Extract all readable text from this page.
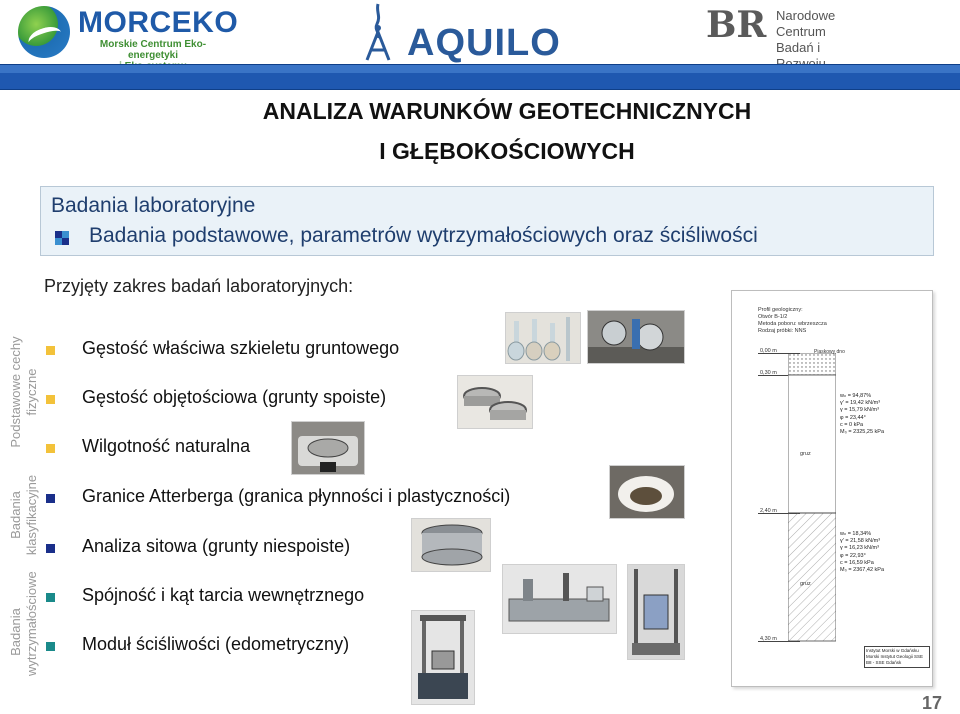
MORCEKO
Morskie Centrum Eko-energetyki	AQUILO	BR Narodowe Centrum
Badań i
ANALIZA WARUNKÓW GEOTECHNICZNYCH
I GŁĘBOKOŚCIOWYCH
Badania laboratoryjne
Badania podstawowe, parametrów wytrzymałościowych oraz ściśliwości
Przyjęty zakres badań laboratoryjnych:
Podstawowe cechy fizyczne
Badania klasyfikacyjne
Badania wytrzymałościowe
Gęstość właściwa szkieletu gruntowego
Gęstość objętościowa (grunty spoiste)
Wilgotność naturalna
Granice Atterberga (granica płynności i plastyczności)
Analiza sitowa (grunty niespoiste)
Spójność i kąt tarcia wewnętrznego
Moduł ściśliwości (edometryczny)
Profil geologiczny:
Otwór B-1/2
Metoda poboru: wbrzeszcza
Rodzaj próbki: NNS
0,00 m
0,30 m
2,40 m
4,30 m
Piaskowy dno
gruz
gruz
wₙ = 94,87%
γ' = 19,42 kN/m³
γ = 15,79 kN/m³
φ = 23,44°
c = 0 kPa
M₀ = 2325,25 kPa
wₙ = 18,34%
γ' = 21,58 kN/m³
γ = 16,23 kN/m³
φ = 22,93°
c = 16,59 kPa
M₀ = 2367,42 kPa
Instytut Morski w Gdańsku
Morski Instytut Geologii SSE
B8 - SSE Gdańsk
17
